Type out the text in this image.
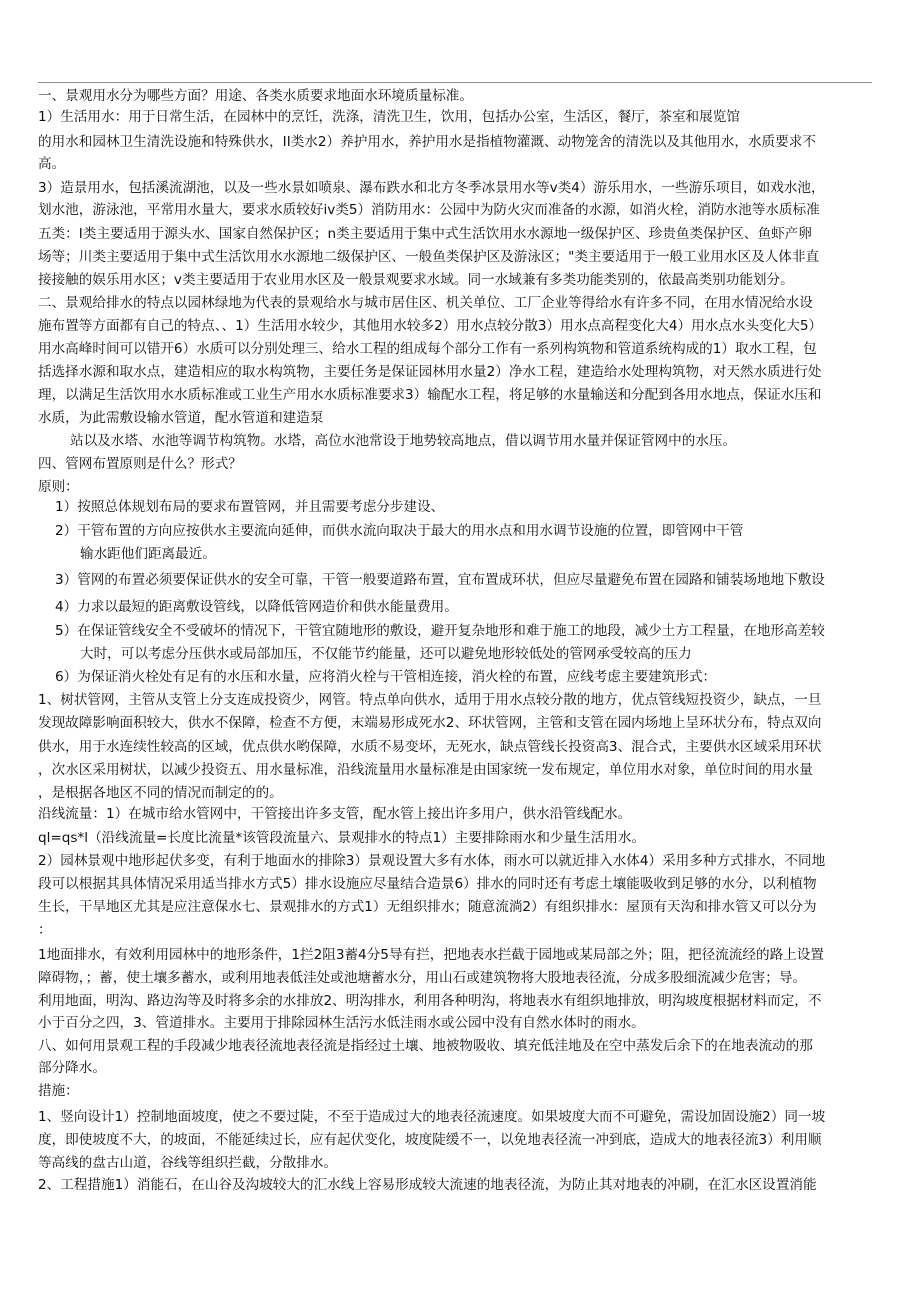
一、景观用水分为哪些方面？用途、各类水质要求地面水环境质量标准。
1）生活用水：用于日常生活，在园林中的烹饪，洗涤，清洗卫生，饮用，包括办公室，生活区，餐厅，茶室和展览馆
的用水和园林卫生清洗设施和特殊供水，II类水2）养护用水，养护用水是指植物灌溉、动物笼舍的清洗以及其他用水，水质要求不
高。
3）造景用水，包括溪流湖池，以及一些水景如喷泉、瀑布跌水和北方冬季冰景用水等v类4）游乐用水，一些游乐项目，如戏水池，
划水池，游泳池，平常用水量大，要求水质较好iv类5）消防用水：公园中为防火灾而准备的水源，如消火栓，消防水池等水质标准
五类：I类主要适用于源头水、国家自然保护区；n类主要适用于集中式生活饮用水水源地一级保护区、珍贵鱼类保护区、鱼虾产卵
场等；川类主要适用于集中式生活饮用水水源地二级保护区、一般鱼类保护区及游泳区；"类主要适用于一般工业用水区及人体非直
接接触的娱乐用水区；v类主要适用于农业用水区及一般景观要求水域。同一水域兼有多类功能类别的，依最高类别功能划分。
二、景观给排水的特点以园林绿地为代表的景观给水与城市居住区、机关单位、工厂企业等得给水有许多不同，在用水情况给水设
施布置等方面都有自己的特点、、1）生活用水较少，其他用水较多2）用水点较分散3）用水点高程变化大4）用水点水头变化大5）
用水高峰时间可以错开6）水质可以分别处理三、给水工程的组成每个部分工作有一系列构筑物和管道系统构成的1）取水工程，包
括选择水源和取水点，建造相应的取水构筑物，主要任务是保证园林用水量2）净水工程，建造给水处理构筑物，对天然水质进行处
理，以满足生活饮用水水质标准或工业生产用水水质标准要求3）输配水工程，将足够的水量输送和分配到各用水地点，保证水压和
水质，为此需敷设输水管道，配水管道和建造泵
站以及水塔、水池等调节构筑物。水塔，高位水池常设于地势较高地点，借以调节用水量并保证管网中的水压。
四、管网布置原则是什么？形式？
原则：
1）按照总体规划布局的要求布置管网，并且需要考虑分步建设、
2）干管布置的方向应按供水主要流向延伸，而供水流向取决于最大的用水点和用水调节设施的位置，即管网中干管
输水距他们距离最近。
3）管网的布置必须要保证供水的安全可靠，干管一般要道路布置，宜布置成环状，但应尽量避免布置在园路和铺装场地地下敷设
4）力求以最短的距离敷设管线，以降低管网造价和供水能量费用。
5）在保证管线安全不受破坏的情况下，干管宜随地形的敷设，避开复杂地形和难于施工的地段，减少土方工程量，在地形高差较
大时，可以考虑分压供水或局部加压，不仅能节约能量，还可以避免地形较低处的管网承受较高的压力
6）为保证消火栓处有足有的水压和水量，应将消火栓与干管相连接，消火栓的布置，应线考虑主要建筑形式：
1、树状管网，主管从支管上分支连成投资少，网管。特点单向供水，适用于用水点较分散的地方，优点管线短投资少，缺点，一旦
发现故障影响面积较大，供水不保障，检查不方便，末端易形成死水2、环状管网，主管和支管在园内场地上呈环状分布，特点双向
供水，用于水连续性较高的区域，优点供水哟保障，水质不易变坏，无死水，缺点管线长投资高3、混合式，主要供水区域采用环状
，次水区采用树状，以减少投资五、用水量标准，沿线流量用水量标准是由国家统一发布规定，单位用水对象，单位时间的用水量
，是根据各地区不同的情况而制定的的。
沿线流量：1）在城市给水管网中，干管接出许多支管，配水管上接出许多用户，供水沿管线配水。
ql=qs*l（沿线流量=长度比流量*该管段流量六、景观排水的特点1）主要排除雨水和少量生活用水。
2）园林景观中地形起伏多变，有利于地面水的排除3）景观设置大多有水体，雨水可以就近排入水体4）采用多种方式排水，不同地
段可以根据其具体情况采用适当排水方式5）排水设施应尽量结合造景6）排水的同时还有考虑土壤能吸收到足够的水分，以利植物
生长，干旱地区尤其是应注意保水七、景观排水的方式1）无组织排水；随意流淌2）有组织排水：屋顶有天沟和排水管又可以分为
：
1地面排水，有效利用园林中的地形条件，1拦2阻3蓄4分5导有拦，把地表水拦截于园地或某局部之外；阻，把径流流经的路上设置
障碍物，；蓄，使土壤多蓄水，或利用地表低洼处或池塘蓄水分，用山石或建筑物将大股地表径流，分成多股细流减少危害；导。
利用地面，明沟、路边沟等及时将多余的水排放2、明沟排水，利用各种明沟，将地表水有组织地排放，明沟坡度根据材料而定，不
小于百分之四，3、管道排水。主要用于排除园林生活污水低洼雨水或公园中没有自然水体时的雨水。
八、如何用景观工程的手段减少地表径流地表径流是指经过土壤、地被物吸收、填充低洼地及在空中蒸发后余下的在地表流动的那
部分降水。
措施：
1、竖向设计1）控制地面坡度，使之不要过陡，不至于造成过大的地表径流速度。如果坡度大而不可避免，需设加固设施2）同一坡
度，即使坡度不大，的坡面，不能延续过长，应有起伏变化，坡度陡缓不一，以免地表径流一冲到底，造成大的地表径流3）利用顺
等高线的盘古山道，谷线等组织拦截，分散排水。
2、工程措施1）消能石，在山谷及沟坡较大的汇水线上容易形成较大流速的地表径流，为防止其对地表的冲刷，在汇水区设置消能
